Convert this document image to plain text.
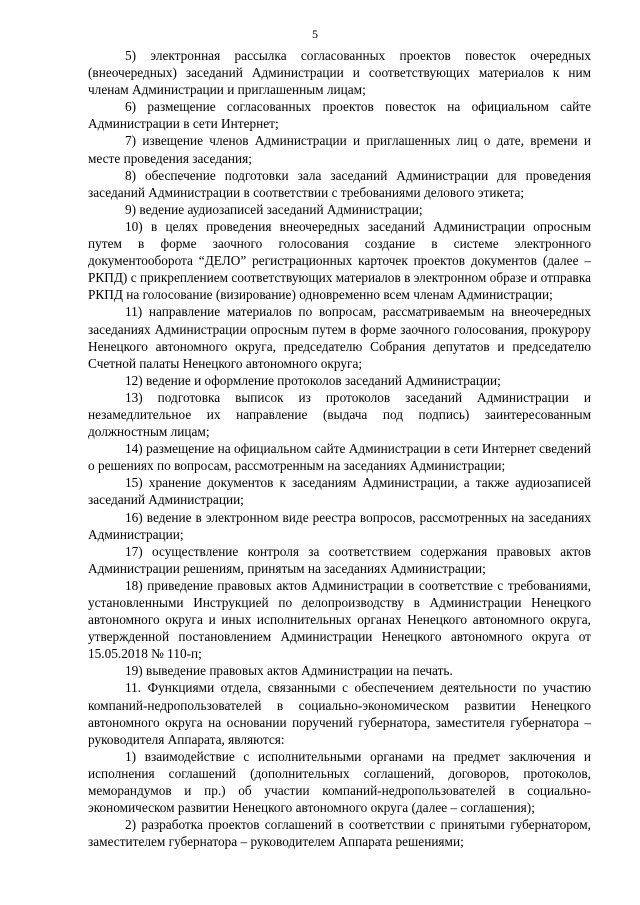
5

5) электронная рассылка согласованных проектов повесток очередных (внеочередных) заседаний Администрации и соответствующих материалов к ним членам Администрации и приглашенным лицам;

6) размещение согласованных проектов повесток на официальном сайте Администрации в сети Интернет;

7) извещение членов Администрации и приглашенных лиц о дате, времени и месте проведения заседания;

8) обеспечение подготовки зала заседаний Администрации для проведения заседаний Администрации в соответствии с требованиями делового этикета;

9) ведение аудиозаписей заседаний Администрации;

10) в целях проведения внеочередных заседаний Администрации опросным путем в форме заочного голосования создание в системе электронного документооборота “ДЕЛО” регистрационных карточек проектов документов (далее – РКПД) с прикреплением соответствующих материалов в электронном образе и отправка РКПД на голосование (визирование) одновременно всем членам Администрации;

11) направление материалов по вопросам, рассматриваемым на внеочередных заседаниях Администрации опросным путем в форме заочного голосования, прокурору Ненецкого автономного округа, председателю Собрания депутатов и председателю Счетной палаты Ненецкого автономного округа;

12) ведение и оформление протоколов заседаний Администрации;

13) подготовка выписок из протоколов заседаний Администрации и незамедлительное их направление (выдача под подпись) заинтересованным должностным лицам;

14) размещение на официальном сайте Администрации в сети Интернет сведений о решениях по вопросам, рассмотренным на заседаниях Администрации;

15) хранение документов к заседаниям Администрации, а также аудиозаписей заседаний Администрации;

16) ведение в электронном виде реестра вопросов, рассмотренных на заседаниях Администрации;

17) осуществление контроля за соответствием содержания правовых актов Администрации решениям, принятым на заседаниях Администрации;

18) приведение правовых актов Администрации в соответствие с требованиями, установленными Инструкцией по делопроизводству в Администрации Ненецкого автономного округа и иных исполнительных органах Ненецкого автономного округа, утвержденной постановлением Администрации Ненецкого автономного округа от 15.05.2018 № 110-п;

19) выведение правовых актов Администрации на печать.

11. Функциями отдела, связанными с обеспечением деятельности по участию компаний-недропользователей в социально-экономическом развитии Ненецкого автономного округа на основании поручений губернатора, заместителя губернатора – руководителя Аппарата, являются:

1) взаимодействие с исполнительными органами на предмет заключения и исполнения соглашений (дополнительных соглашений, договоров, протоколов, меморандумов и пр.) об участии компаний-недропользователей в социально-экономическом развитии Ненецкого автономного округа (далее – соглашения);

2) разработка проектов соглашений в соответствии с принятыми губернатором, заместителем губернатора – руководителем Аппарата решениями;
